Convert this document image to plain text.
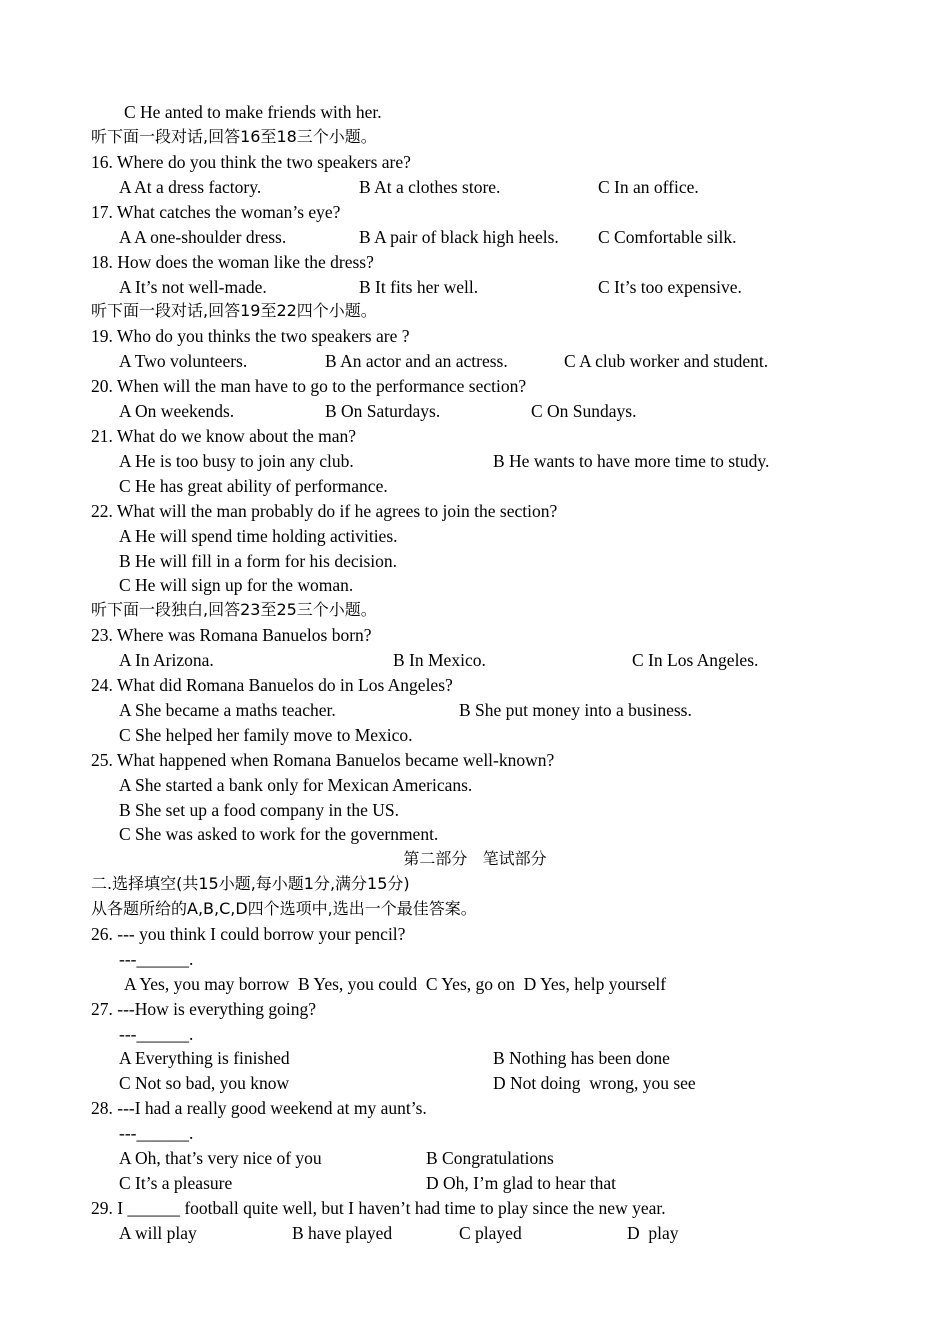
C He anted to make friends with her.
听下面一段对话,回答16至18三个小题。
16. Where do you think the two speakers are?
A At a dress factory.	B At a clothes store.	C In an office.
17. What catches the woman’s eye?
A A one-shoulder dress.	B A pair of black high heels. C Comfortable silk.
18. How does the woman like the dress?
A It’s not well-made.	B It fits her well.	C It’s too expensive.
听下面一段对话,回答19至22四个小题。
19. Who do you thinks the two speakers are ?
A Two volunteers.	B An actor and an actress.	C A club worker and student.
20. When will the man have to go to the performance section?
A On weekends.	B On Saturdays.	C On Sundays.
21. What do we know about the man?
A He is too busy to join any club.	B He wants to have more time to study.
C He has great ability of performance.
22. What will the man probably do if he agrees to join the section?
A He will spend time holding activities.
B He will fill in a form for his decision.
C He will sign up for the woman.
听下面一段独白,回答23至25三个小题。
23. Where was Romana Banuelos born?
A In Arizona.	B In Mexico.	C In Los Angeles.
24. What did Romana Banuelos do in Los Angeles?
A She became a maths teacher.	B She put money into a business.
C She helped her family move to Mexico.
25. What happened when Romana Banuelos became well-known?
A She started a bank only for Mexican Americans.
B She set up a food company in the US.
C She was asked to work for the government.
第二部分   笔试部分
二.选择填空(共15小题,每小题1分,满分15分)
从各题所给的A,B,C,D四个选项中,选出一个最佳答案。
26. --- you think I could borrow your pencil?
---______.
A Yes, you may borrow  B Yes, you could  C Yes, go on  D Yes, help yourself
27. ---How is everything going?
---______.
A Everything is finished	B Nothing has been done
C Not so bad, you know	D Not doing  wrong, you see
28. ---I had a really good weekend at my aunt’s.
---______.
A Oh, that’s very nice of you	B Congratulations
C It’s a pleasure	D Oh, I’m glad to hear that
29. I ______ football quite well, but I haven’t had time to play since the new year.
A will play	B have played	C played	D  play
